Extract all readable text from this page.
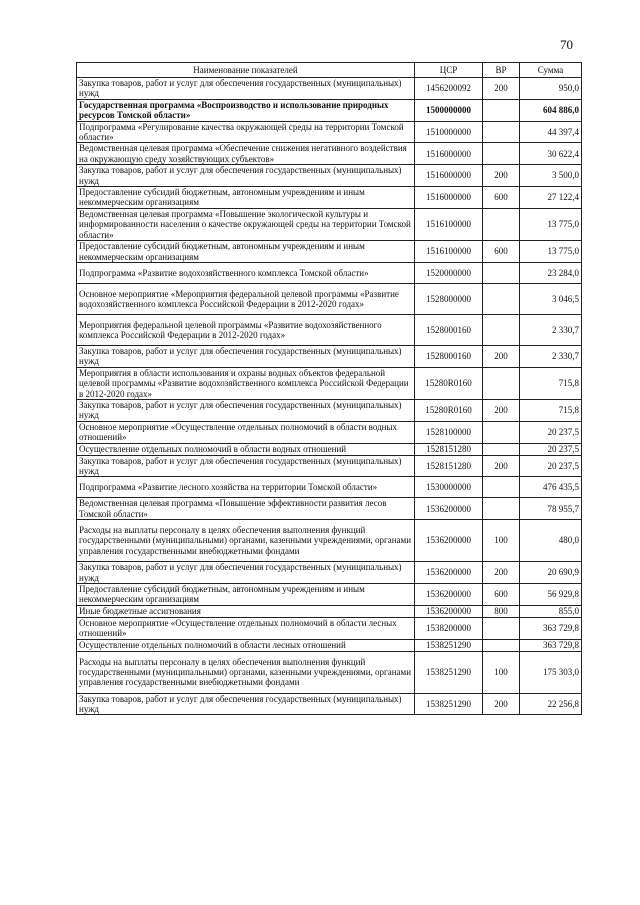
70
Наименование показателей	ЦСР	ВР	Сумма
Закупка товаров, работ и услуг для обеспечения государственных (муниципальных) нужд	1456200092	200	950,0
Государственная программа «Воспроизводство и использование природных ресурсов Томской области»	1500000000		604 886,0
Подпрограмма «Регулирование качества окружающей среды на территории Томской области»	1510000000		44 397,4
Ведомственная целевая программа «Обеспечение снижения негативного воздействия на окружающую среду хозяйствующих субъектов»	1516000000		30 622,4
Закупка товаров, работ и услуг для обеспечения государственных (муниципальных) нужд	1516000000	200	3 500,0
Предоставление субсидий бюджетным, автономным учреждениям и иным некоммерческим организациям	1516000000	600	27 122,4
Ведомственная целевая программа «Повышение экологической культуры и информированности населения о качестве окружающей среды на территории Томской области»	1516100000		13 775,0
Предоставление субсидий бюджетным, автономным учреждениям и иным некоммерческим организациям	1516100000	600	13 775,0
Подпрограмма «Развитие водохозяйственного комплекса Томской области»	1520000000		23 284,0
Основное мероприятие «Мероприятия федеральной целевой программы «Развитие водохозяйственного комплекса Российской Федерации в 2012-2020 годах»	1528000000		3 046,5
Мероприятия федеральной целевой программы «Развитие водохозяйственного комплекса Российской Федерации в 2012-2020 годах»	1528000160		2 330,7
Закупка товаров, работ и услуг для обеспечения государственных (муниципальных) нужд	1528000160	200	2 330,7
Мероприятия в области использования и охраны водных объектов федеральной целевой программы «Развитие водохозяйственного комплекса Российской Федерации в 2012-2020 годах»	15280R0160		715,8
Закупка товаров, работ и услуг для обеспечения государственных (муниципальных) нужд	15280R0160	200	715,8
Основное мероприятие «Осуществление отдельных полномочий в области водных отношений»	1528100000		20 237,5
Осуществление отдельных полномочий в области водных отношений	1528151280		20 237,5
Закупка товаров, работ и услуг для обеспечения государственных (муниципальных) нужд	1528151280	200	20 237,5
Подпрограмма «Развитие лесного хозяйства на территории Томской области»	1530000000		476 435,5
Ведомственная целевая программа «Повышение эффективности развития лесов Томской области»	1536200000		78 955,7
Расходы на выплаты персоналу в целях обеспечения выполнения функций государственными (муниципальными) органами, казенными учреждениями, органами управления государственными внебюджетными фондами	1536200000	100	480,0
Закупка товаров, работ и услуг для обеспечения государственных (муниципальных) нужд	1536200000	200	20 690,9
Предоставление субсидий бюджетным, автономным учреждениям и иным некоммерческим организациям	1536200000	600	56 929,8
Иные бюджетные ассигнования	1536200000	800	855,0
Основное мероприятие «Осуществление отдельных полномочий в области лесных отношений»	1538200000		363 729,8
Осуществление отдельных полномочий в области лесных отношений	1538251290		363 729,8
Расходы на выплаты персоналу в целях обеспечения выполнения функций государственными (муниципальными) органами, казенными учреждениями, органами управления государственными внебюджетными фондами	1538251290	100	175 303,0
Закупка товаров, работ и услуг для обеспечения государственных (муниципальных) нужд	1538251290	200	22 256,8
